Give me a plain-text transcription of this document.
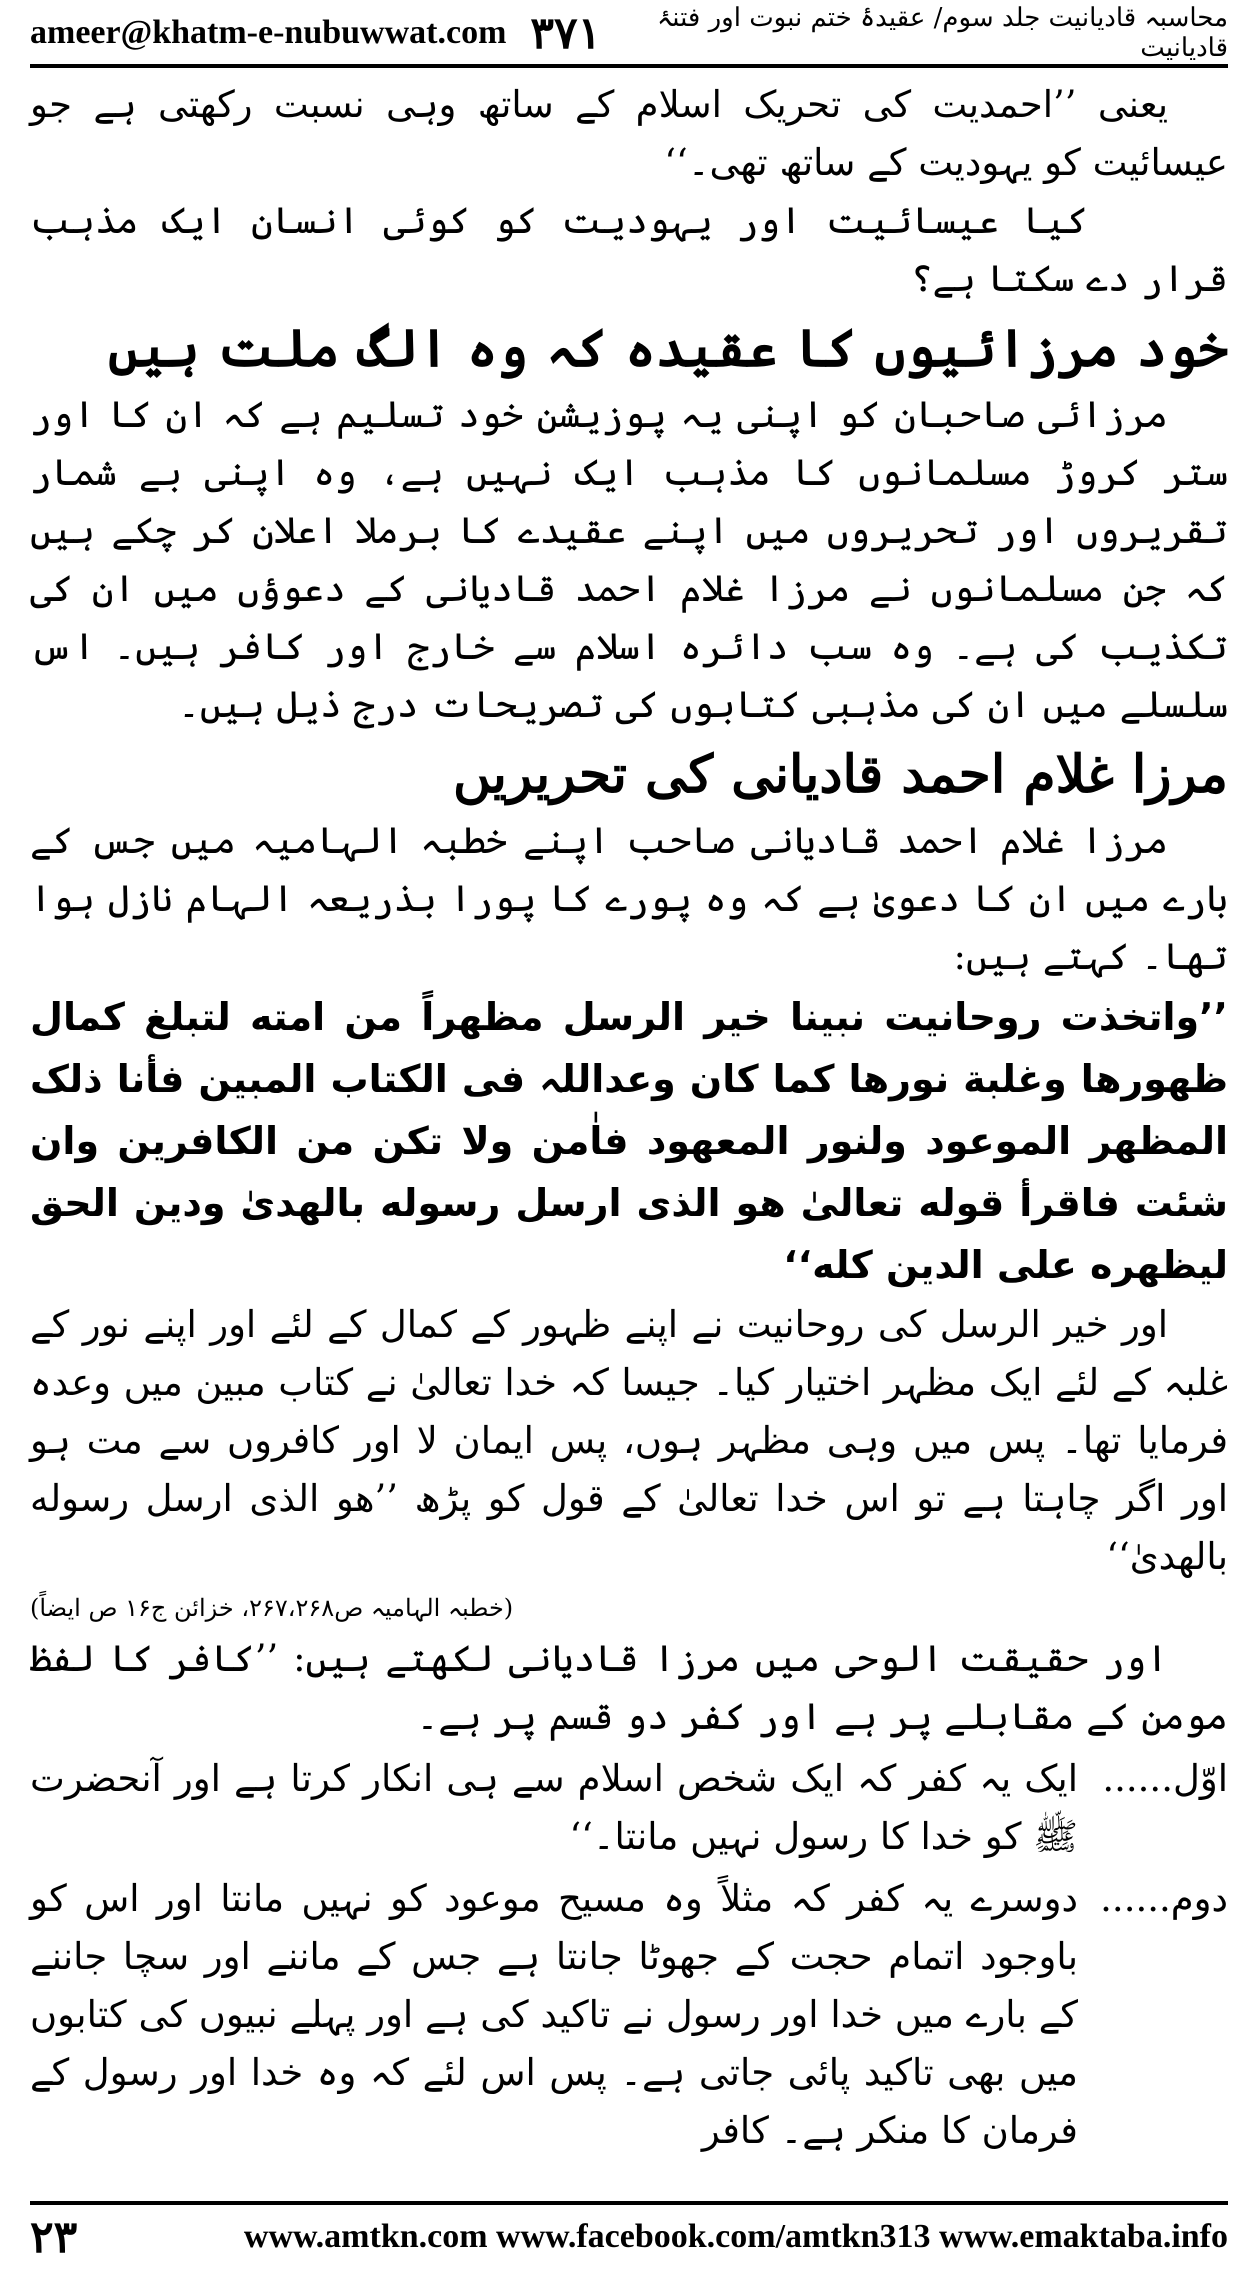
ameer@khatm-e-nubuwwat.com ۳۷۱	محاسبہ قادیانیت جلد سوم/ عقیدۂ ختم نبوت اور فتنۂ قادیانیت

یعنی ’’احمدیت کی تحریک اسلام کے ساتھ وہی نسبت رکھتی ہے جو عیسائیت کو یہودیت کے ساتھ تھی۔‘‘

کیا عیسائیت اور یہودیت کو کوئی انسان ایک مذہب قرار دے سکتا ہے؟

خود مرزائیوں کا عقیدہ کہ وہ الگ ملت ہیں

مرزائی صاحبان کو اپنی یہ پوزیشن خود تسلیم ہے کہ ان کا اور ستر کروڑ مسلمانوں کا مذہب ایک نہیں ہے، وہ اپنی بے شمار تقریروں اور تحریروں میں اپنے عقیدے کا برملا اعلان کر چکے ہیں کہ جن مسلمانوں نے مرزا غلام احمد قادیانی کے دعوؤں میں ان کی تکذیب کی ہے۔ وہ سب دائرہ اسلام سے خارج اور کافر ہیں۔ اس سلسلے میں ان کی مذہبی کتابوں کی تصریحات درج ذیل ہیں۔

مرزا غلام احمد قادیانی کی تحریریں

مرزا غلام احمد قادیانی صاحب اپنے خطبہ الہامیہ میں جس کے بارے میں ان کا دعویٰ ہے کہ وہ پورے کا پورا بذریعہ الہام نازل ہوا تھا۔ کہتے ہیں:

’’واتخذت روحانیت نبینا خیر الرسل مظھراً من امته لتبلغ کمال ظھورھا وغلبة نورھا کما کان وعداللہ فی الکتاب المبین فأنا ذلک المظھر الموعود ولنور المعھود فاٰمن ولا تکن من الکافرین وان شئت فاقرأ قوله تعالیٰ ھو الذی ارسل رسوله بالھدیٰ ودین الحق لیظھره علی الدین کله‘‘

اور خیر الرسل کی روحانیت نے اپنے ظہور کے کمال کے لئے اور اپنے نور کے غلبہ کے لئے ایک مظہر اختیار کیا۔ جیسا کہ خدا تعالیٰ نے کتاب مبین میں وعدہ فرمایا تھا۔ پس میں وہی مظہر ہوں، پس ایمان لا اور کافروں سے مت ہو اور اگر چاہتا ہے تو اس خدا تعالیٰ کے قول کو پڑھ ’’ھو الذی ارسل رسوله بالھدیٰ‘‘

(خطبہ الہامیہ ص۲۶۷،۲۶۸، خزائن ج۱۶ ص ایضاً)

اور حقیقت الوحی میں مرزا قادیانی لکھتے ہیں: ’’کافر کا لفظ مومن کے مقابلے پر ہے اور کفر دو قسم پر ہے۔

اوّل......
ایک یہ کفر کہ ایک شخص اسلام سے ہی انکار کرتا ہے اور آنحضرت ﷺ کو خدا کا رسول نہیں مانتا۔‘‘
دوم......
دوسرے یہ کفر کہ مثلاً وہ مسیح موعود کو نہیں مانتا اور اس کو باوجود اتمام حجت کے جھوٹا جانتا ہے جس کے ماننے اور سچا جاننے کے بارے میں خدا اور رسول نے تاکید کی ہے اور پہلے نبیوں کی کتابوں میں بھی تاکید پائی جاتی ہے۔ پس اس لئے کہ وہ خدا اور رسول کے فرمان کا منکر ہے۔ کافر
۲۳	www.amtkn.com www.facebook.com/amtkn313 www.emaktaba.info
